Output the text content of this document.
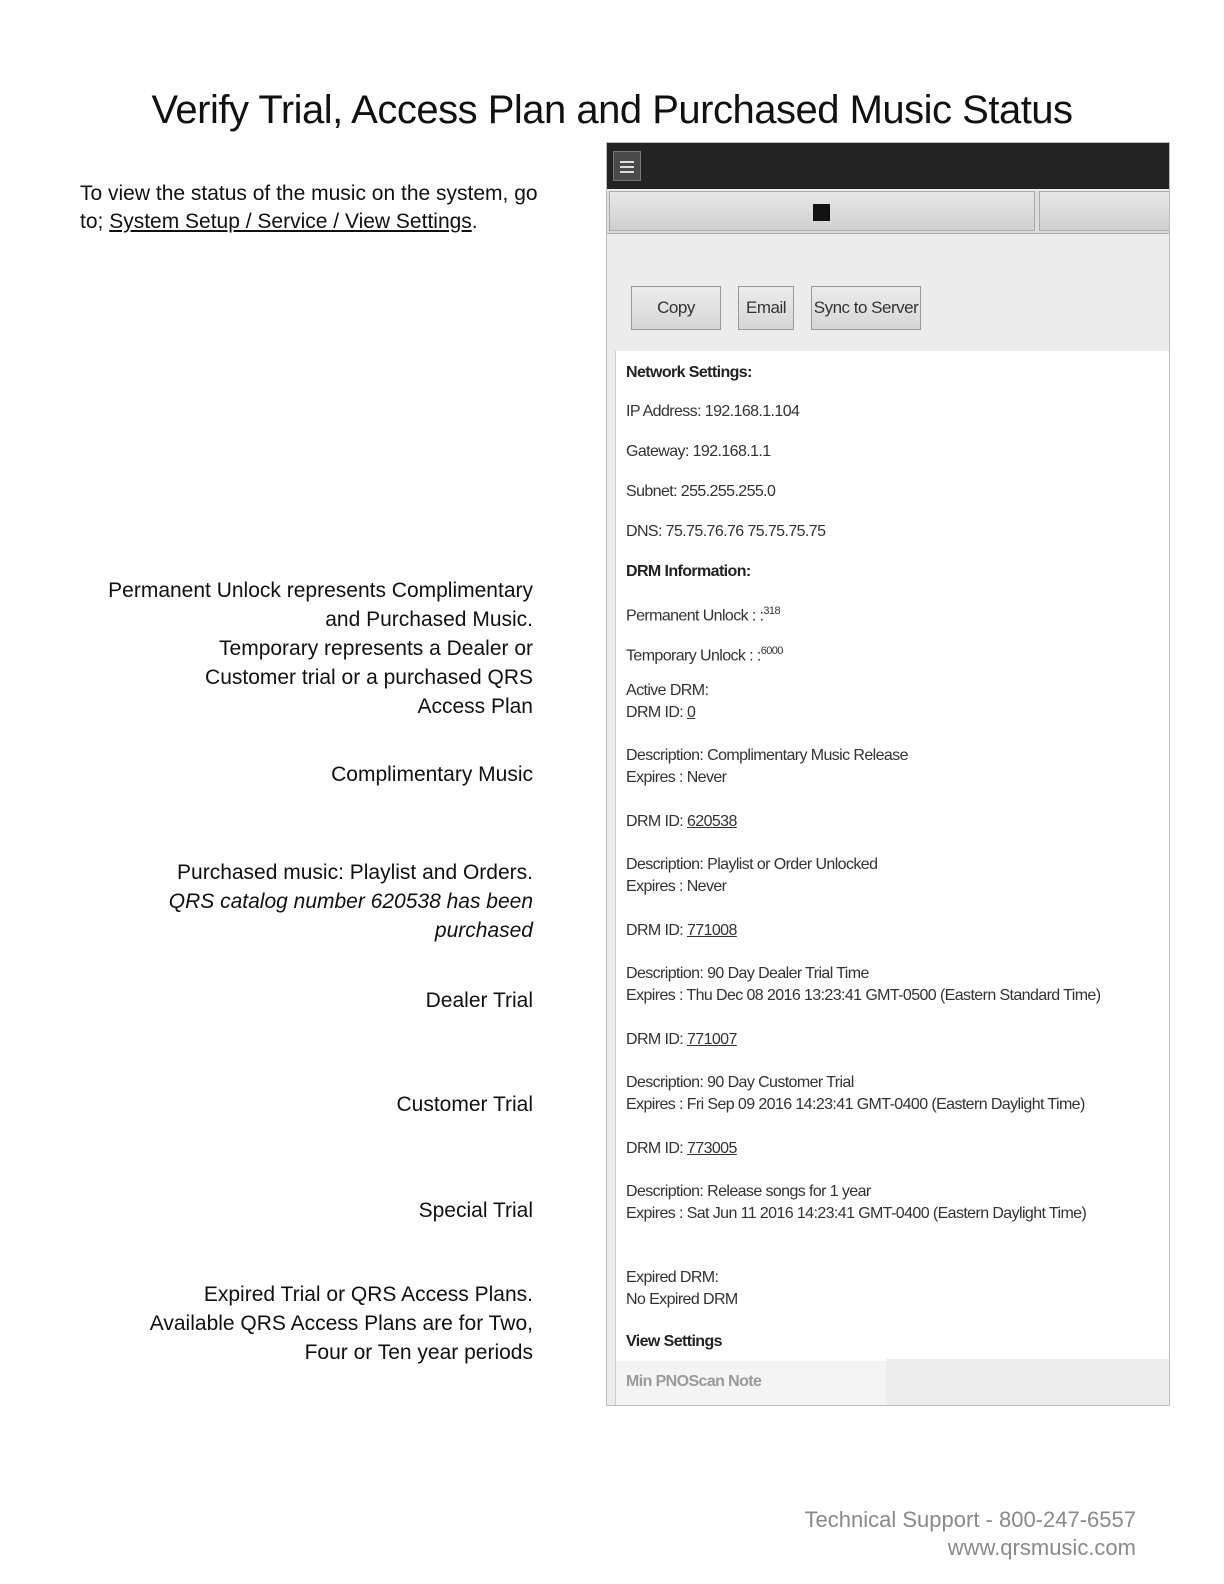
Verify Trial, Access Plan and Purchased Music Status
To view the status of the music on the system, go to; System Setup / Service / View Settings.
Permanent Unlock represents Complimentary
and Purchased Music.
Temporary represents a Dealer or
Customer trial or a purchased QRS
Access Plan
Complimentary Music
Purchased music: Playlist and Orders.
QRS catalog number 620538 has been
purchased
Dealer Trial
Customer Trial
Special Trial
Expired Trial or QRS Access Plans.
Available QRS Access Plans are for Two,
Four or Ten year periods
Copy	Email	Sync to Server
Network Settings:
IP Address: 192.168.1.104
Gateway: 192.168.1.1
Subnet: 255.255.255.0
DNS: 75.75.76.76 75.75.75.75
DRM Information:
Permanent Unlock : :$^{318}$
Temporary Unlock : :$^{6000}$
Active DRM:
DRM ID: 0
Description: Complimentary Music Release
Expires : Never
DRM ID: 620538
Description: Playlist or Order Unlocked
Expires : Never
DRM ID: 771008
Description: 90 Day Dealer Trial Time
Expires : Thu Dec 08 2016 13:23:41 GMT-0500 (Eastern Standard Time)
DRM ID: 771007
Description: 90 Day Customer Trial
Expires : Fri Sep 09 2016 14:23:41 GMT-0400 (Eastern Daylight Time)
DRM ID: 773005
Description: Release songs for 1 year
Expires : Sat Jun 11 2016 14:23:41 GMT-0400 (Eastern Daylight Time)
Expired DRM:
No Expired DRM
View Settings
Min PNOScan Note
Technical Support - 800-247-6557
www.qrsmusic.com
